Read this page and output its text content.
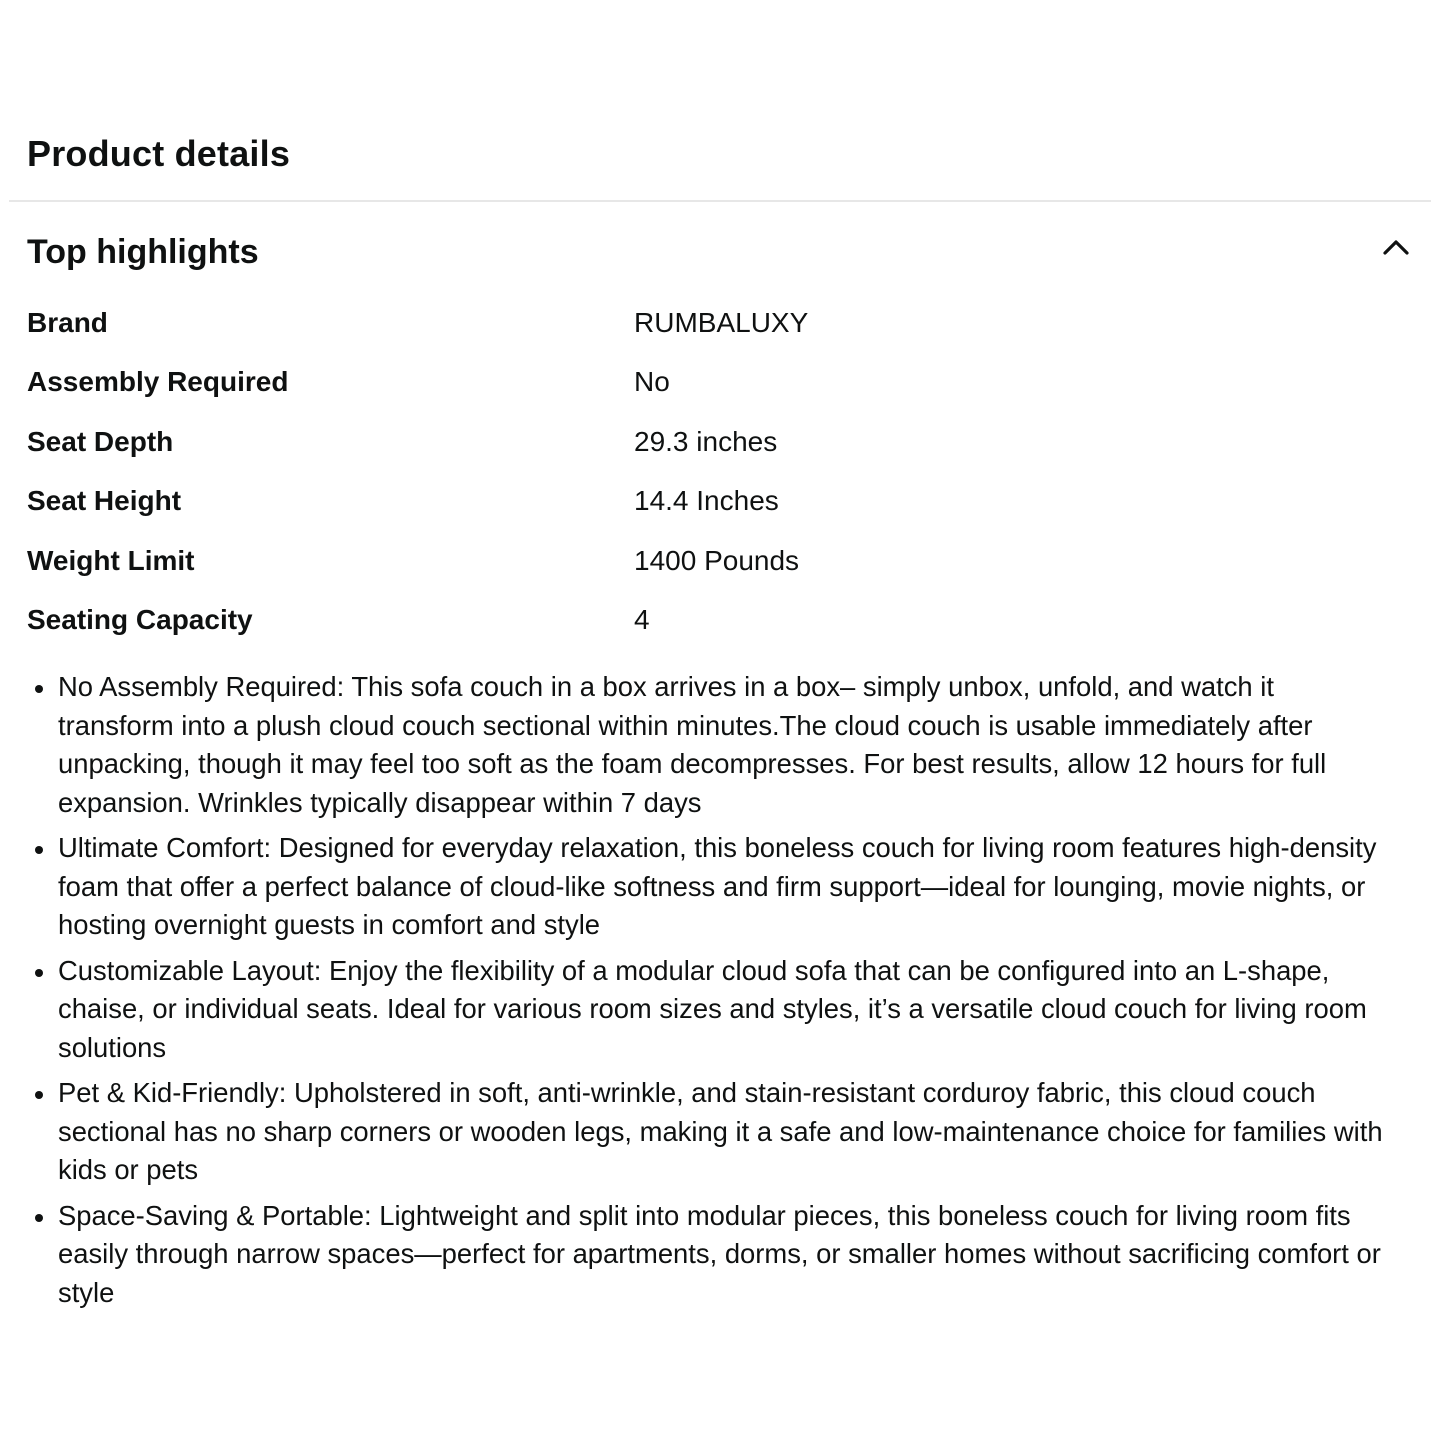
Product details
Top highlights
Brand	RUMBALUXY
Assembly Required	No
Seat Depth	29.3 inches
Seat Height	14.4 Inches
Weight Limit	1400 Pounds
Seating Capacity	4
No Assembly Required: This sofa couch in a box arrives in a box– simply unbox, unfold, and watch it transform into a plush cloud couch sectional within minutes.The cloud couch is usable immediately after unpacking, though it may feel too soft as the foam decompresses. For best results, allow 12 hours for full expansion. Wrinkles typically disappear within 7 days
Ultimate Comfort: Designed for everyday relaxation, this boneless couch for living room features high-density foam that offer a perfect balance of cloud-like softness and firm support—ideal for lounging, movie nights, or hosting overnight guests in comfort and style
Customizable Layout: Enjoy the flexibility of a modular cloud sofa that can be configured into an L-shape, chaise, or individual seats. Ideal for various room sizes and styles, it’s a versatile cloud couch for living room solutions
Pet & Kid-Friendly: Upholstered in soft, anti-wrinkle, and stain-resistant corduroy fabric, this cloud couch sectional has no sharp corners or wooden legs, making it a safe and low-maintenance choice for families with kids or pets
Space-Saving & Portable: Lightweight and split into modular pieces, this boneless couch for living room fits easily through narrow spaces—perfect for apartments, dorms, or smaller homes without sacrificing comfort or style
